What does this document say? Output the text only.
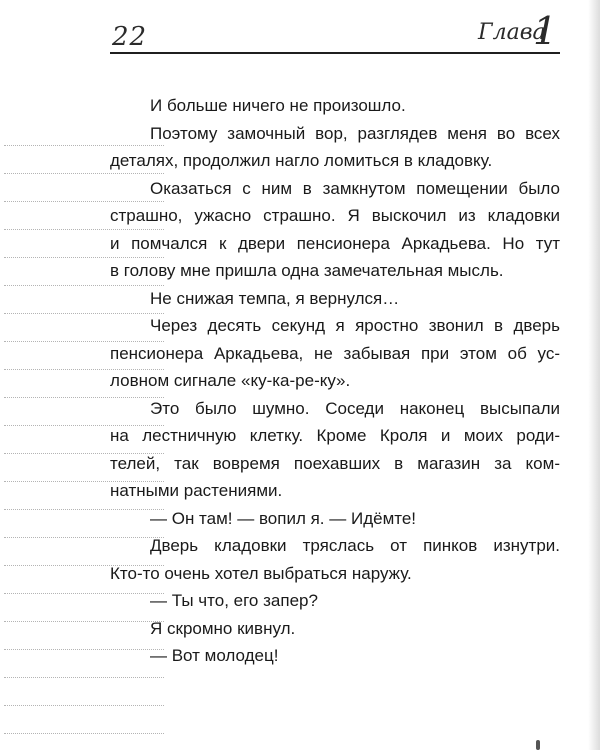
22	Глава
1
И больше ничего не произошло.
Поэтому замочный вор, разглядев меня во всех
деталях, продолжил нагло ломиться в кладовку.
Оказаться с ним в замкнутом помещении было
страшно, ужасно страшно. Я выскочил из кладовки
и помчался к двери пенсионера Аркадьева. Но тут
в голову мне пришла одна замечательная мысль.
Не снижая темпа, я вернулся…
Через десять секунд я яростно звонил в дверь
пенсионера Аркадьева, не забывая при этом об ус-
ловном сигнале «ку-ка-ре-ку».
Это было шумно. Соседи наконец высыпали
на лестничную клетку. Кроме Кроля и моих роди-
телей, так вовремя поехавших в магазин за ком-
натными растениями.
— Он там! — вопил я. — Идёмте!
Дверь кладовки тряслась от пинков изнутри.
Кто-то очень хотел выбраться наружу.
— Ты что, его запер?
Я скромно кивнул.
— Вот молодец!
